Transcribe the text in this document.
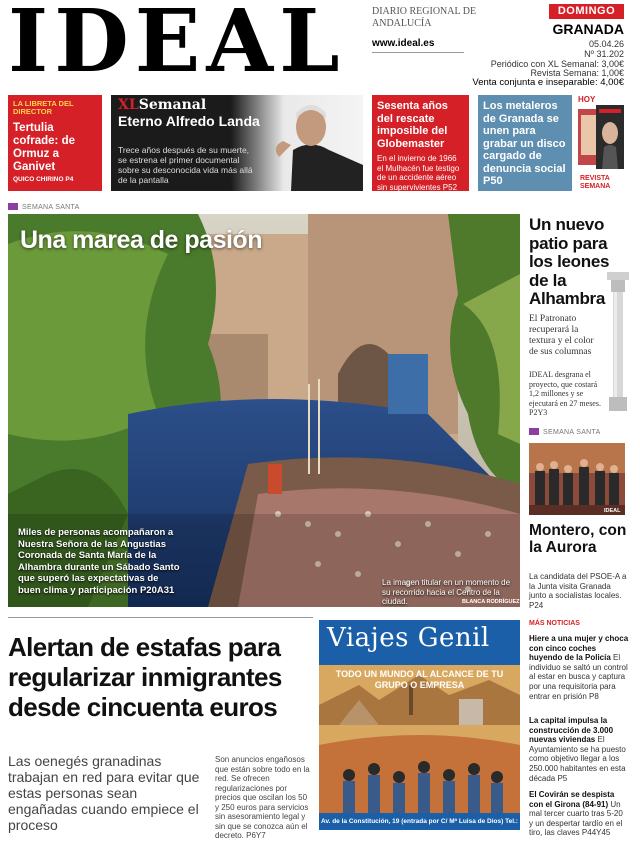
IDEAL	DIARIO REGIONAL DE ANDALUCÍA
www.ideal.es
DOMINGO
GRANADA
05.04.26
Nº 31.202
Periódico con XL Semanal: 3,00€
Revista Semana: 1,00€
Venta conjunta e inseparable: 4,00€
LA LIBRETA DEL DIRECTOR
Tertulia cofrade: de Ormuz a Ganivet
QUICO CHIRINO P4
XLSemanal
Eterno Alfredo Landa
Trece años después de su muerte, se estrena el primer documental sobre su desconocida vida más allá de la pantalla
Sesenta años del rescate imposible del Globemaster
En el invierno de 1966 el Mulhacén fue testigo de un accidente aéreo sin supervivientes P52
Los metaleros de Granada se unen para grabar un disco cargado de denuncia social P50
HOY
REVISTA SEMANA
SEMANA SANTA
Una marea de pasión
Miles de personas acompañaron a Nuestra Señora de las Angustias Coronada de Santa María de la Alhambra durante un Sábado Santo que superó las expectativas de buen clima y participación P20A31
La imagen titular en un momento de su recorrido hacia el Centro de la ciudad.	BLANCA RODRÍGUEZ
Un nuevo patio para los leones de la Alhambra
El Patronato recuperará la textura y el color de sus columnas
IDEAL desgrana el proyecto, que costará 1,2 millones y se ejecutará en 27 meses. P2Y3
SEMANA SANTA
IDEAL
Montero, con la Aurora
La candidata del PSOE-A a la Junta visita Granada junto a socialistas locales. P24
MÁS NOTICIAS
Hiere a una mujer y choca con cinco coches huyendo de la Policía El individuo se saltó un control al estar en busca y captura por una requisitoria para entrar en prisión P8
La capital impulsa la construcción de 3.000 nuevas viviendas El Ayuntamiento se ha puesto como objetivo llegar a los 250.000 habitantes en esta década P5
El Covirán se despista con el Girona (84-91) Un mal tercer cuarto tras 5-20 y un despertar tardío en el tiro, las claves P44Y45
Alertan de estafas para regularizar inmigrantes desde cincuenta euros
Las oenegés granadinas trabajan en red para evitar que estas personas sean engañadas cuando empiece el proceso
Son anuncios engañosos que están sobre todo en la red. Se ofrecen regularizaciones por precios que oscilan los 50 y 250 euros para servicios sin asesoramiento legal y sin que se conozca aún el decreto. P6Y7
Viajes Genil
TODO UN MUNDO AL ALCANCE DE TU GRUPO O EMPRESA
Av. de la Constitución, 19 (entrada por C/ Mª Luisa de Dios) Tel.: 958 275 200
